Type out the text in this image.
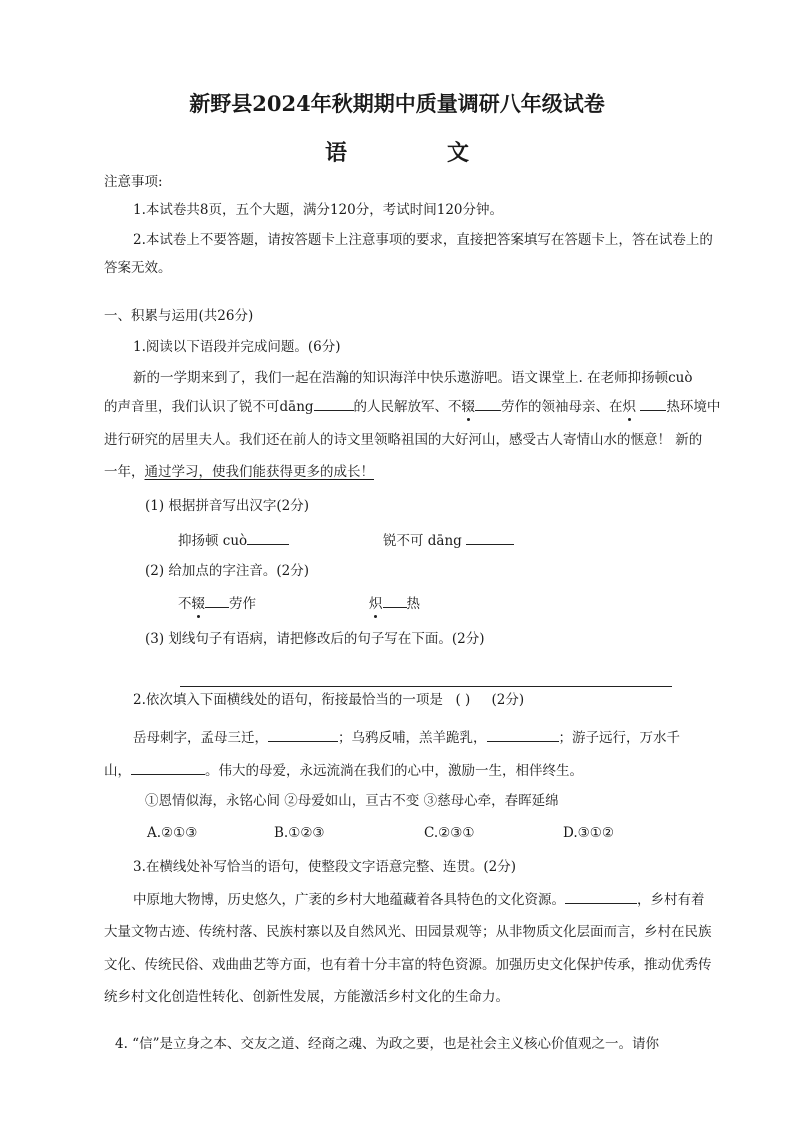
新野县2024年秋期期中质量调研八年级试卷
语	文
注意事项:
1.本试卷共8页，五个大题，满分120分，考试时间120分钟。
2.本试卷上不要答题，请按答题卡上注意事项的要求，直接把答案填写在答题卡上，答在试卷上的
答案无效。
一、积累与运用(共26分)
1.阅读以下语段并完成问题。(6分)
新的一学期来到了，我们一起在浩瀚的知识海洋中快乐遨游吧。语文课堂上. 在老师抑扬顿cuò
的声音里，我们认识了锐不可dāng	的人民解放军、不辍 劳作的领袖母亲、在炽 热环境中
进行研究的居里夫人。我们还在前人的诗文里领略祖国的大好河山，感受古人寄情山水的惬意！ 新的
一年，通过学习，使我们能获得更多的成长！
(1) 根据拼音写出汉字(2分)
抑扬顿 cuò	锐不可 dāng
(2) 给加点的字注音。(2分)
不辍 劳作	炽 热
(3) 划线句子有语病，请把修改后的句子写在下面。(2分)
2.依次填入下面横线处的语句，衔接最恰当的一项是 ( ) (2分)
岳母刺字，孟母三迁，	；乌鸦反哺，羔羊跪乳，	；游子远行，万水千
山，	。伟大的母爱，永远流淌在我们的心中，激励一生，相伴终生。
①恩情似海，永铭心间 ②母爱如山，亘古不变 ③慈母心牵，春晖延绵
A.②①③	B.①②③	C.②③①	D.③①②
3.在横线处补写恰当的语句，使整段文字语意完整、连贯。(2分)
中原地大物博，历史悠久，广袤的乡村大地蕴藏着各具特色的文化资源。	，乡村有着
大量文物古迹、传统村落、民族村寨以及自然风光、田园景观等；从非物质文化层面而言，乡村在民族
文化、传统民俗、戏曲曲艺等方面，也有着十分丰富的特色资源。加强历史文化保护传承，推动优秀传
统乡村文化创造性转化、创新性发展，方能激活乡村文化的生命力。
4. “信”是立身之本、交友之道、经商之魂、为政之要，也是社会主义核心价值观之一。请你
